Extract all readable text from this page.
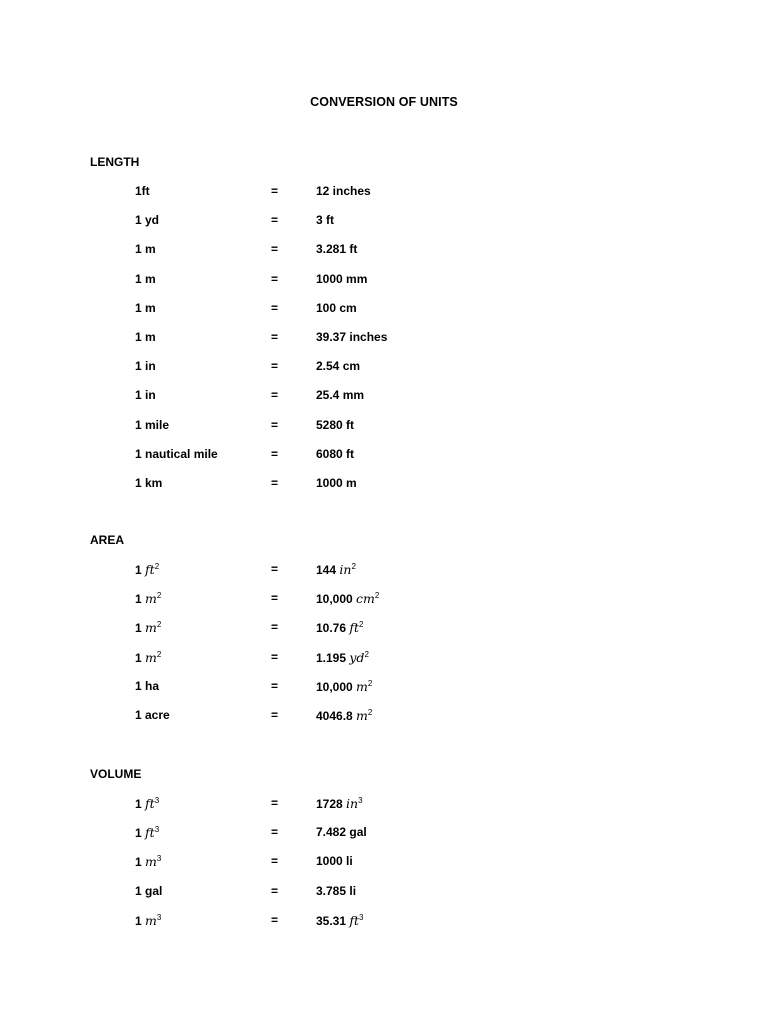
CONVERSION OF UNITS
LENGTH
1ft	=	12 inches
1 yd	=	3 ft
1 m	=	3.281 ft
1 m	=	1000 mm
1 m	=	100 cm
1 m	=	39.37 inches
1 in	=	2.54 cm
1 in	=	25.4 mm
1 mile	=	5280 ft
1 nautical mile	=	6080 ft
1 km	=	1000 m
AREA
1 $ft^2$	=	144 $in^2$
1 $m^2$	=	10,000 $cm^2$
1 $m^2$	=	10.76 $ft^2$
1 $m^2$	=	1.195 $yd^2$
1 ha	=	10,000 $m^2$
1 acre	=	4046.8 $m^2$
VOLUME
1 $ft^3$	=	1728 $in^3$
1 $ft^3$	=	7.482 gal
1 $m^3$	=	1000 li
1 gal	=	3.785 li
1 $m^3$	=	35.31 $ft^3$
